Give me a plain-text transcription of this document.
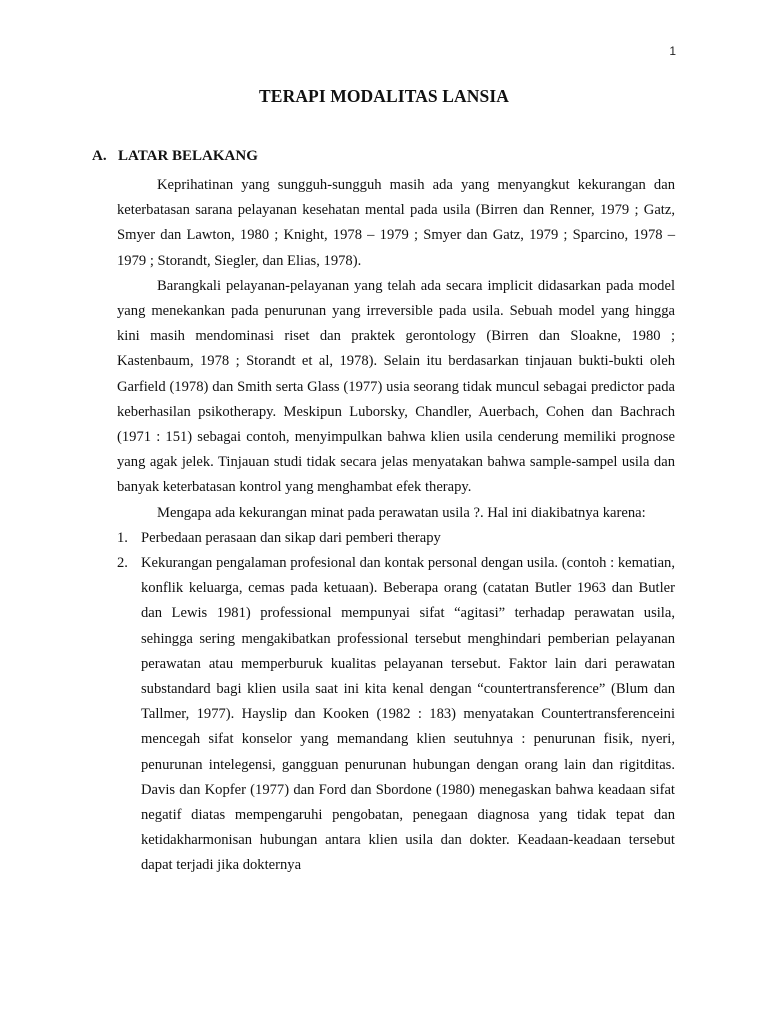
1
TERAPI MODALITAS LANSIA
A. LATAR BELAKANG

Keprihatinan yang sungguh-sungguh masih ada yang menyangkut kekurangan dan keterbatasan sarana pelayanan kesehatan mental pada usila (Birren dan Renner, 1979 ; Gatz, Smyer dan Lawton, 1980 ; Knight, 1978 – 1979 ; Smyer dan Gatz, 1979 ; Sparcino, 1978 – 1979 ; Storandt, Siegler, dan Elias, 1978).

Barangkali pelayanan-pelayanan yang telah ada secara implicit didasarkan pada model yang menekankan pada penurunan yang irreversible pada usila. Sebuah model yang hingga kini masih mendominasi riset dan praktek gerontology (Birren dan Sloakne, 1980 ; Kastenbaum, 1978 ; Storandt et al, 1978). Selain itu berdasarkan tinjauan bukti-bukti oleh Garfield (1978) dan Smith serta Glass (1977) usia seorang tidak muncul sebagai predictor pada keberhasilan psikotherapy. Meskipun Luborsky, Chandler, Auerbach, Cohen dan Bachrach (1971 : 151) sebagai contoh, menyimpulkan bahwa klien usila cenderung memiliki prognose yang agak jelek. Tinjauan studi tidak secara jelas menyatakan bahwa sample-sampel usila dan banyak keterbatasan kontrol yang menghambat efek therapy.

Mengapa ada kekurangan minat pada perawatan usila ?. Hal ini diakibatnya karena:

1. Perbedaan perasaan dan sikap dari pemberi therapy
2. Kekurangan pengalaman profesional dan kontak personal dengan usila. (contoh : kematian, konflik keluarga, cemas pada ketuaan). Beberapa orang (catatan Butler 1963 dan Butler dan Lewis 1981) professional mempunyai sifat “agitasi” terhadap perawatan usila, sehingga sering mengakibatkan professional tersebut menghindari pemberian pelayanan perawatan atau memperburuk kualitas pelayanan tersebut. Faktor lain dari perawatan substandard bagi klien usila saat ini kita kenal dengan “countertransference” (Blum dan Tallmer, 1977). Hayslip dan Kooken (1982 : 183) menyatakan Countertransferenceini mencegah sifat konselor yang memandang klien seutuhnya : penurunan fisik, nyeri, penurunan intelegensi, gangguan penurunan hubungan dengan orang lain dan rigitditas. Davis dan Kopfer (1977) dan Ford dan Sbordone (1980) menegaskan bahwa keadaan sifat negatif diatas mempengaruhi pengobatan, penegaan diagnosa yang tidak tepat dan ketidakharmonisan hubungan antara klien usila dan dokter. Keadaan-keadaan tersebut dapat terjadi jika dokternya
